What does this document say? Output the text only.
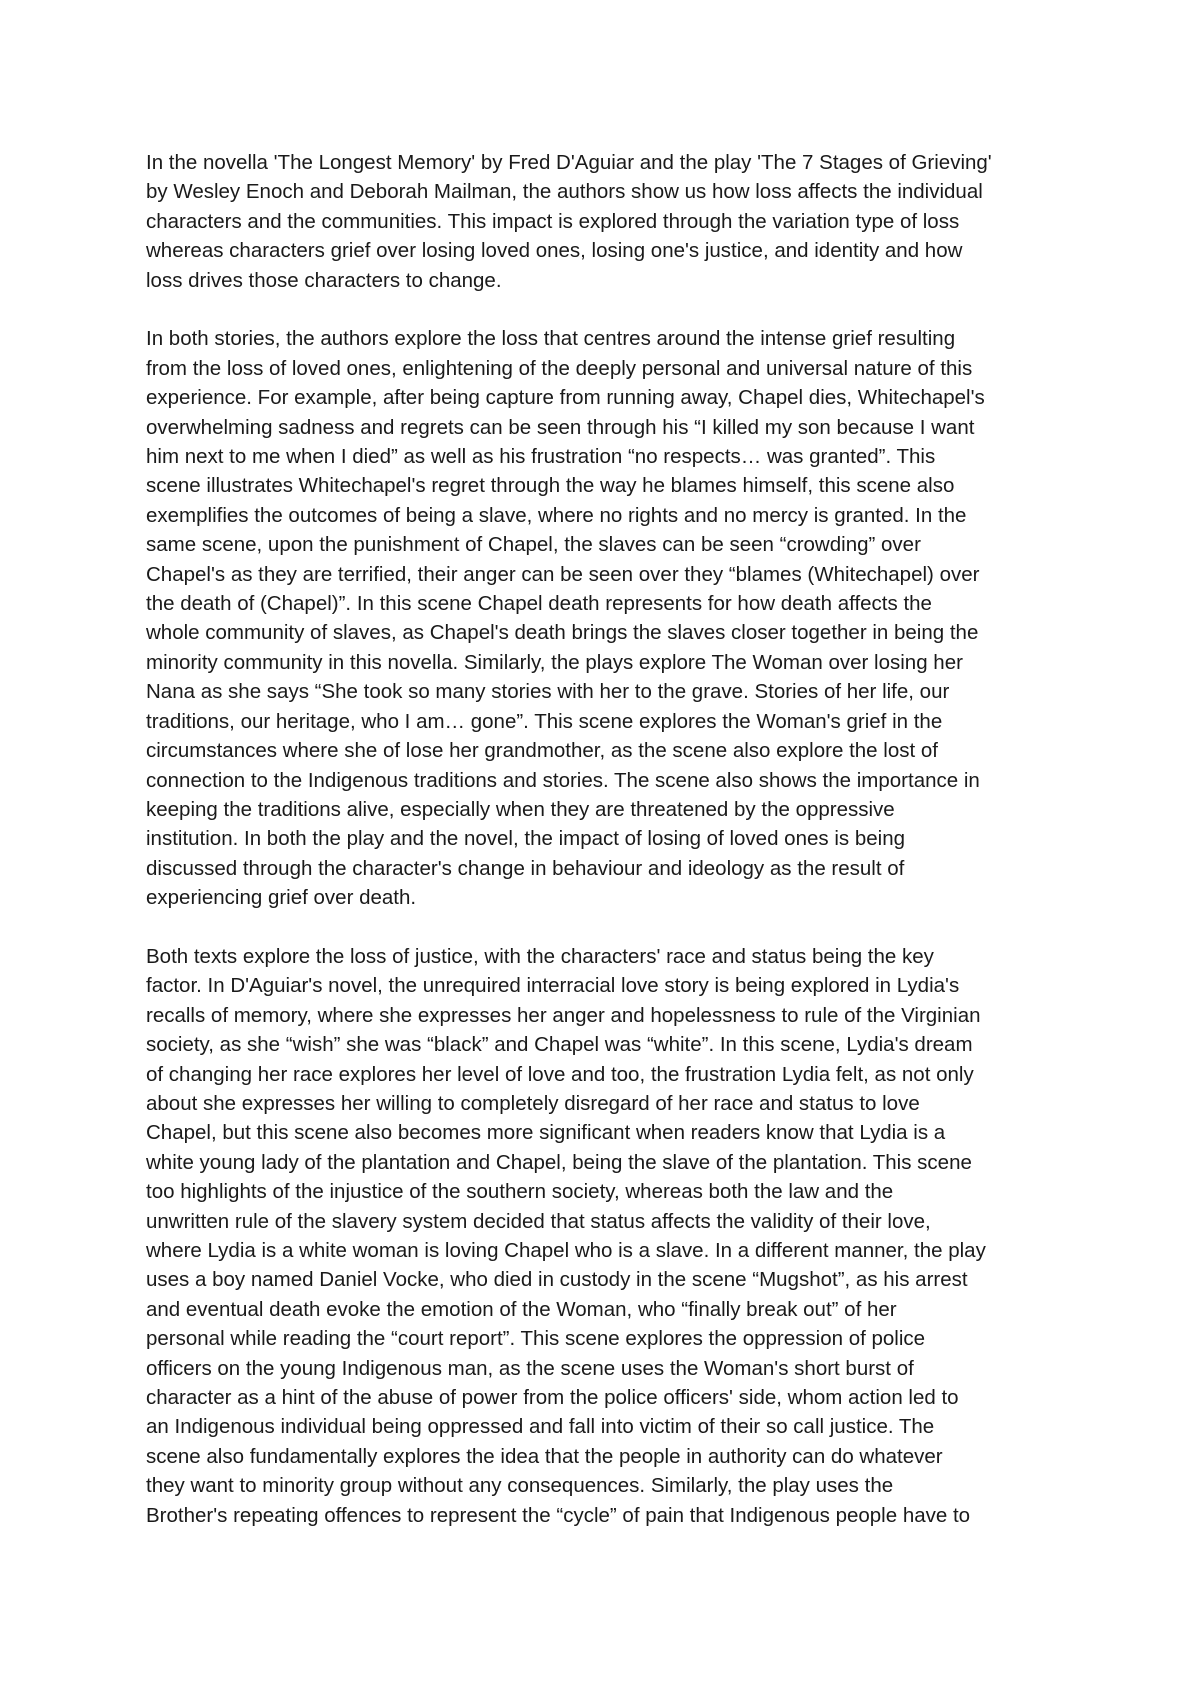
In the novella 'The Longest Memory' by Fred D'Aguiar and the play 'The 7 Stages of Grieving'
by Wesley Enoch and Deborah Mailman, the authors show us how loss affects the individual
characters and the communities. This impact is explored through the variation type of loss
whereas characters grief over losing loved ones, losing one's justice, and identity and how
loss drives those characters to change.

In both stories, the authors explore the loss that centres around the intense grief resulting
from the loss of loved ones, enlightening of the deeply personal and universal nature of this
experience. For example, after being capture from running away, Chapel dies, Whitechapel's
overwhelming sadness and regrets can be seen through his “I killed my son because I want
him next to me when I died” as well as his frustration “no respects… was granted”. This
scene illustrates Whitechapel's regret through the way he blames himself, this scene also
exemplifies the outcomes of being a slave, where no rights and no mercy is granted. In the
same scene, upon the punishment of Chapel, the slaves can be seen “crowding” over
Chapel's as they are terrified, their anger can be seen over they “blames (Whitechapel) over
the death of (Chapel)”. In this scene Chapel death represents for how death affects the
whole community of slaves, as Chapel's death brings the slaves closer together in being the
minority community in this novella. Similarly, the plays explore The Woman over losing her
Nana as she says “She took so many stories with her to the grave. Stories of her life, our
traditions, our heritage, who I am… gone”. This scene explores the Woman's grief in the
circumstances where she of lose her grandmother, as the scene also explore the lost of
connection to the Indigenous traditions and stories. The scene also shows the importance in
keeping the traditions alive, especially when they are threatened by the oppressive
institution. In both the play and the novel, the impact of losing of loved ones is being
discussed through the character's change in behaviour and ideology as the result of
experiencing grief over death.

Both texts explore the loss of justice, with the characters' race and status being the key
factor. In D'Aguiar's novel, the unrequired interracial love story is being explored in Lydia's
recalls of memory, where she expresses her anger and hopelessness to rule of the Virginian
society, as she “wish” she was “black” and Chapel was “white”. In this scene, Lydia's dream
of changing her race explores her level of love and too, the frustration Lydia felt, as not only
about she expresses her willing to completely disregard of her race and status to love
Chapel, but this scene also becomes more significant when readers know that Lydia is a
white young lady of the plantation and Chapel, being the slave of the plantation. This scene
too highlights of the injustice of the southern society, whereas both the law and the
unwritten rule of the slavery system decided that status affects the validity of their love,
where Lydia is a white woman is loving Chapel who is a slave. In a different manner, the play
uses a boy named Daniel Vocke, who died in custody in the scene “Mugshot”, as his arrest
and eventual death evoke the emotion of the Woman, who “finally break out” of her
personal while reading the “court report”. This scene explores the oppression of police
officers on the young Indigenous man, as the scene uses the Woman's short burst of
character as a hint of the abuse of power from the police officers' side, whom action led to
an Indigenous individual being oppressed and fall into victim of their so call justice. The
scene also fundamentally explores the idea that the people in authority can do whatever
they want to minority group without any consequences. Similarly, the play uses the
Brother's repeating offences to represent the “cycle” of pain that Indigenous people have to
